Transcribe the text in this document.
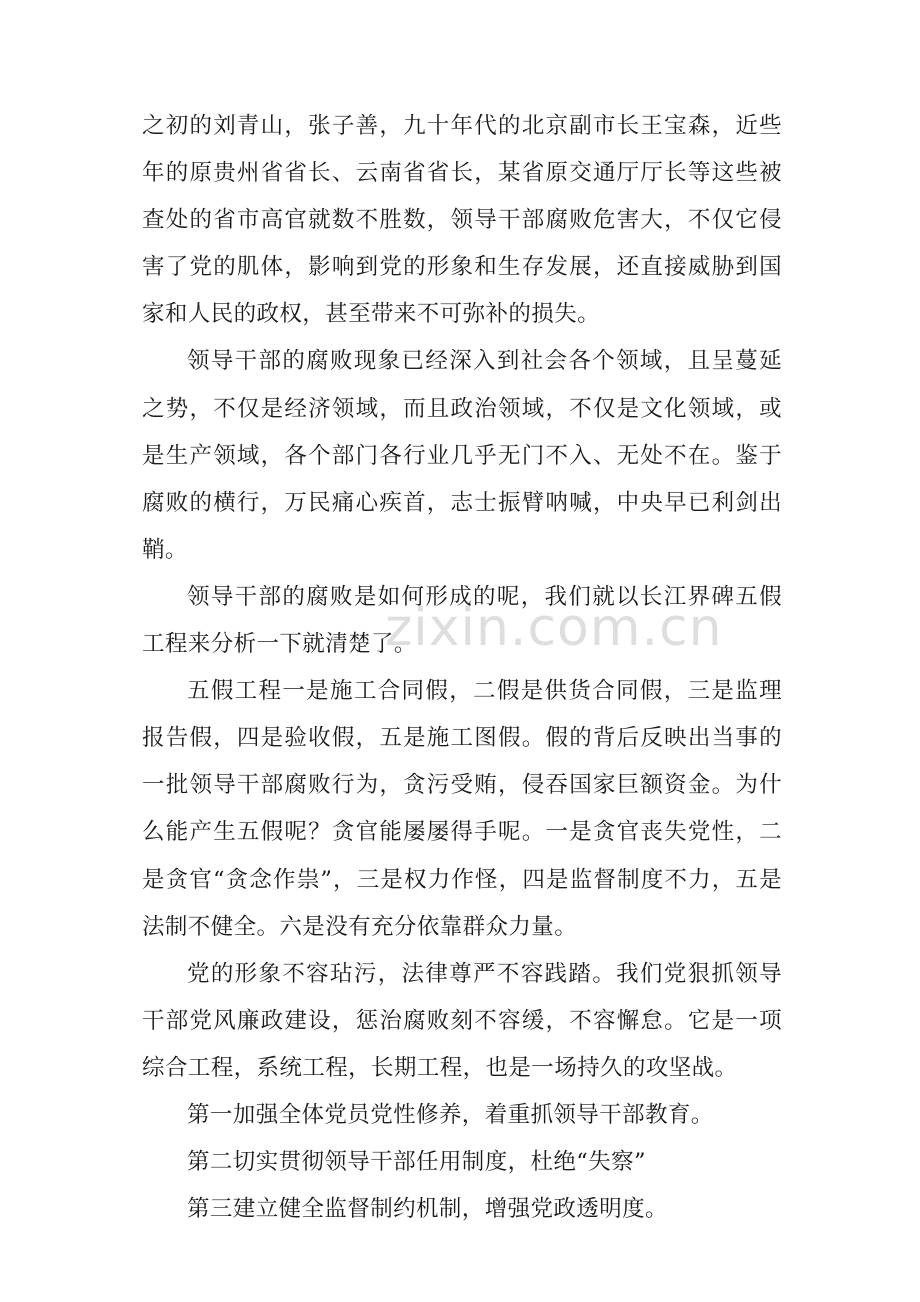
之初的刘青山，张子善，九十年代的北京副市长王宝森，近些年的原贵州省省长、云南省省长，某省原交通厅厅长等这些被查处的省市高官就数不胜数，领导干部腐败危害大，不仅它侵害了党的肌体，影响到党的形象和生存发展，还直接威胁到国家和人民的政权，甚至带来不可弥补的损失。

领导干部的腐败现象已经深入到社会各个领域，且呈蔓延之势，不仅是经济领域，而且政治领域，不仅是文化领域，或是生产领域，各个部门各行业几乎无门不入、无处不在。鉴于腐败的横行，万民痛心疾首，志士振臂呐喊，中央早已利剑出鞘。

领导干部的腐败是如何形成的呢，我们就以长江界碑五假工程来分析一下就清楚了。

五假工程一是施工合同假，二假是供货合同假，三是监理报告假，四是验收假，五是施工图假。假的背后反映出当事的一批领导干部腐败行为，贪污受贿，侵吞国家巨额资金。为什么能产生五假呢？贪官能屡屡得手呢。一是贪官丧失党性，二是贪官“贪念作祟”，三是权力作怪，四是监督制度不力，五是法制不健全。六是没有充分依靠群众力量。

党的形象不容玷污，法律尊严不容践踏。我们党狠抓领导干部党风廉政建设，惩治腐败刻不容缓，不容懈怠。它是一项综合工程，系统工程，长期工程，也是一场持久的攻坚战。

第一加强全体党员党性修养，着重抓领导干部教育。

第二切实贯彻领导干部任用制度，杜绝“失察”

第三建立健全监督制约机制，增强党政透明度。

zixin.com.cn
